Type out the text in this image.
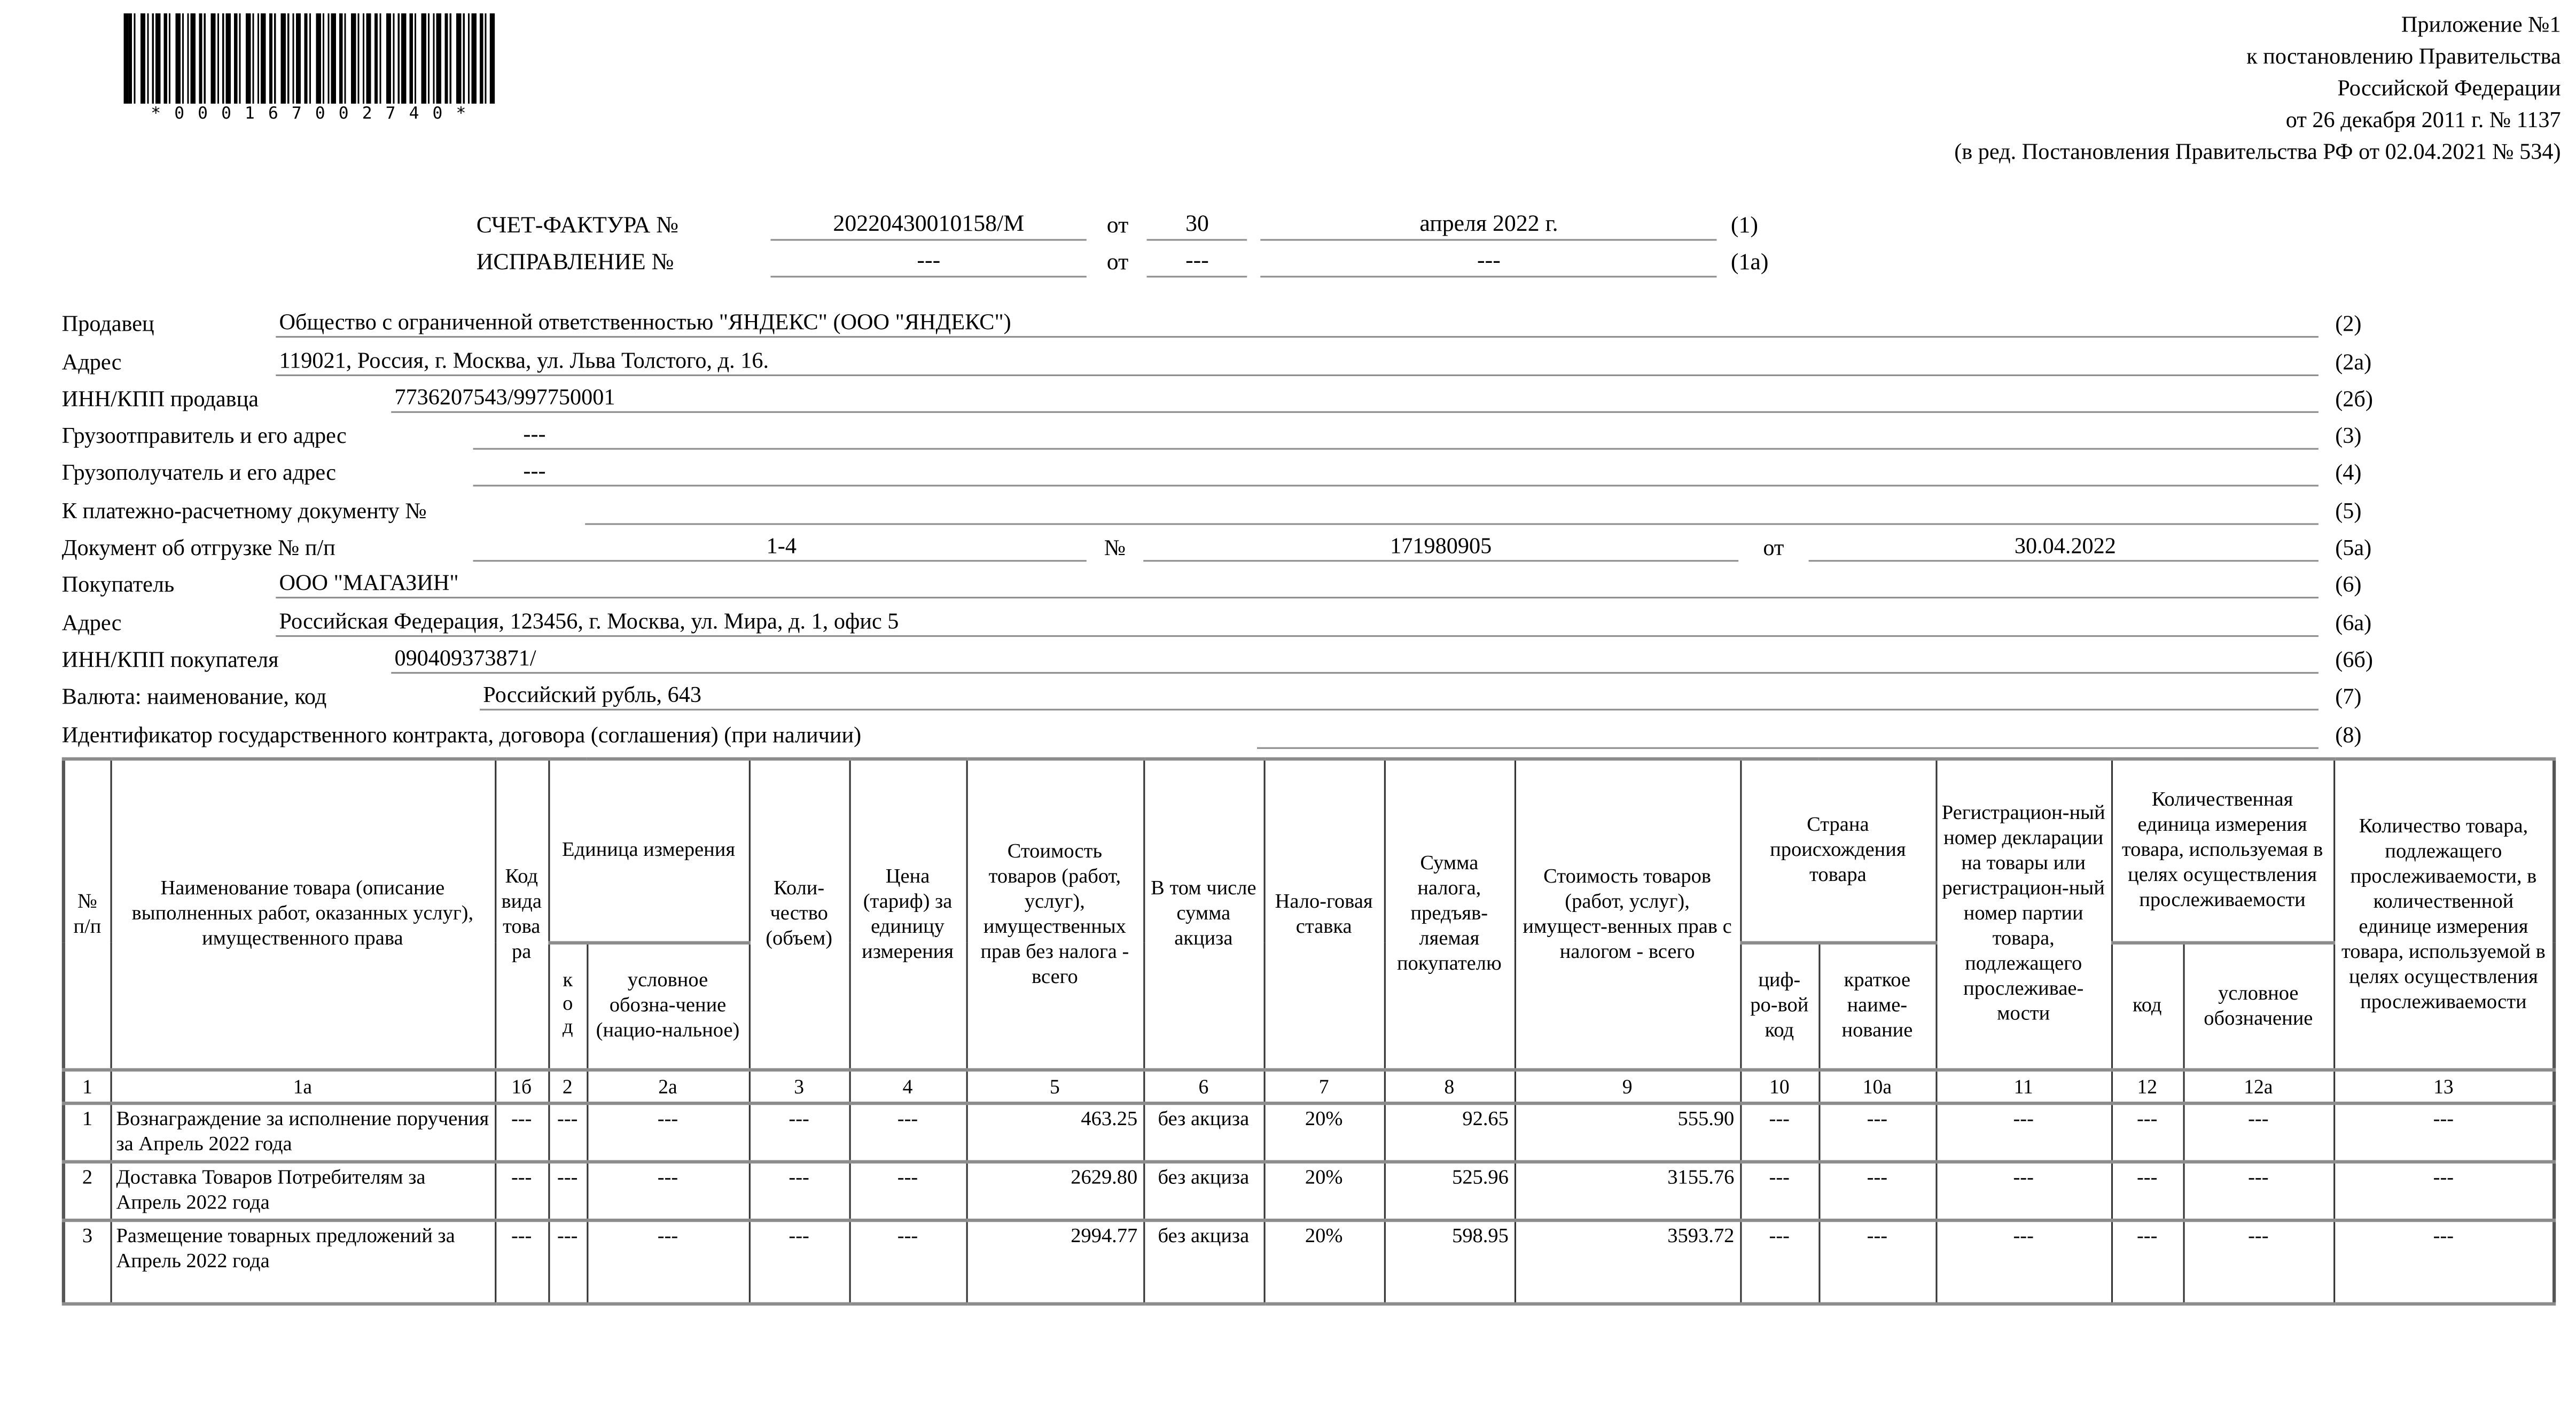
* 0 0 0 1 6 7 0 0 2 7 4 0 *
Приложение №1
к постановлению Правительства
Российской Федерации
от 26 декабря 2011 г. № 1137
(в ред. Постановления Правительства РФ от 02.04.2021 № 534)
СЧЕТ-ФАКТУРА №	20220430010158/М	от	30	апреля 2022 г.	(1)
ИСПРАВЛЕНИЕ №	---	от	---	---	(1а)
Продавец	Общество с ограниченной ответственностью "ЯНДЕКС" (ООО "ЯНДЕКС")	(2)
Адрес	119021, Россия, г. Москва, ул. Льва Толстого, д. 16.	(2а)
ИНН/КПП продавца	7736207543/997750001	(2б)
Грузоотправитель и его адрес	---	(3)
Грузополучатель и его адрес	---	(4)
К платежно-расчетному документу №	(5)
Документ об отгрузке № п/п	1-4	№	171980905	от	30.04.2022	(5а)
Покупатель	ООО "МАГАЗИН"	(6)
Адрес	Российская Федерация, 123456, г. Москва, ул. Мира, д. 1, офис 5	(6а)
ИНН/КПП покупателя	090409373871/	(6б)
Валюта: наименование, код	Российский рубль, 643	(7)
Идентификатор государственного контракта, договора (соглашения) (при наличии)	(8)
№ п/п	Наименование товара (описание выполненных работ, оказанных услуг), имущественного права	Код вида товара	Единица измерения		Коли-чество (объем)	Цена (тариф) за единицу измерения	Стоимость товаров (работ, услуг), имущественных прав без налога - всего	В том числе сумма акциза	Нало-говая ставка	Сумма налога, предъяв-ляемая покупателю	Стоимость товаров (работ, услуг), имущест-венных прав с налогом - всего	Страна происхождения товара		Регистрацион-ный номер декларации на товары или регистрацион-ный номер партии товара, подлежащего прослеживае-мости	Количественная единица измерения товара, используемая в целях осуществления прослеживаемости		Количество товара, подлежащего прослеживаемости, в количественной единице измерения товара, используемой в целях осуществления прослеживаемости
			код	условное обозна-чение (нацио-нальное)								циф-ро-вой код	краткое наиме-нование		код	условное обозначение	
1	1а	1б	2	2а	3	4	5	6	7	8	9	10	10а	11	12	12а	13
1	Вознаграждение за исполнение поручения за Апрель 2022 года	---	---	---	---	---	463.25	без акциза	20%	92.65	555.90	---	---	---	---	---	---
2	Доставка Товаров Потребителям за Апрель 2022 года	---	---	---	---	---	2629.80	без акциза	20%	525.96	3155.76	---	---	---	---	---	---
3	Размещение товарных предложений за Апрель 2022 года	---	---	---	---	---	2994.77	без акциза	20%	598.95	3593.72	---	---	---	---	---	---
